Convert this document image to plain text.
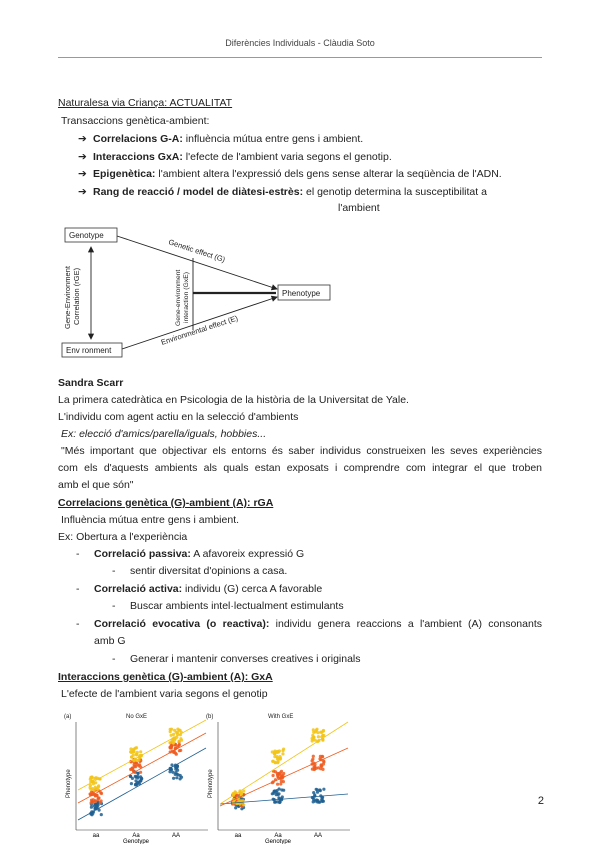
Diferències Individuals - Clàudia Soto
Naturalesa via Criança: ACTUALITAT
Transaccions genètica-ambient:
➔ Correlacions G-A: influència mútua entre gens i ambient.
➔ Interaccions GxA: l'efecte de l'ambient varia segons el genotip.
➔ Epigenètica: l'ambient altera l'expressió dels gens sense alterar la seqüència de l'ADN.
➔ Rang de reacció / model de diàtesi-estrès: el genotip determina la susceptibilitat a
l'ambient
Genotype
Env ronment
Phenotype
Genetic effect (G)
Environmental effect (E)
Gene-Environment Correlation (rGE)	Gene-environment interaction (GxE)
Sandra Scarr
La primera catedràtica en Psicologia de la història de la Universitat de Yale.
L'individu com agent actiu en la selecció d'ambients
Ex: elecció d'amics/parella/iguals, hobbies...
"Més important que objectivar els entorns és saber individus construeixen les seves experiències
com els d'aquests ambients als quals estan exposats i comprendre com integrar el que troben
amb el que són"
Correlacions genètica (G)-ambient (A): rGA
Influència mútua entre gens i ambient.
Ex: Obertura a l'experiència
- Correlació passiva: A afavoreix expressió G
- sentir diversitat d'opinions a casa.
- Correlació activa: individu (G) cerca A favorable
- Buscar ambients intel·lectualment estimulants
- Correlació evocativa (o reactiva): individu genera reaccions a l'ambient (A) consonants
amb G
- Generar i mantenir converses creatives i originals
Interaccions genètica (G)-ambient (A): GxA
L'efecte de l'ambient varia segons el genotip
(a)	No GxE
Phenotype
aa	Aa	AA
Genotype
(b)	With GxE
Phenotype
aa	Aa	AA
Genotype
2
